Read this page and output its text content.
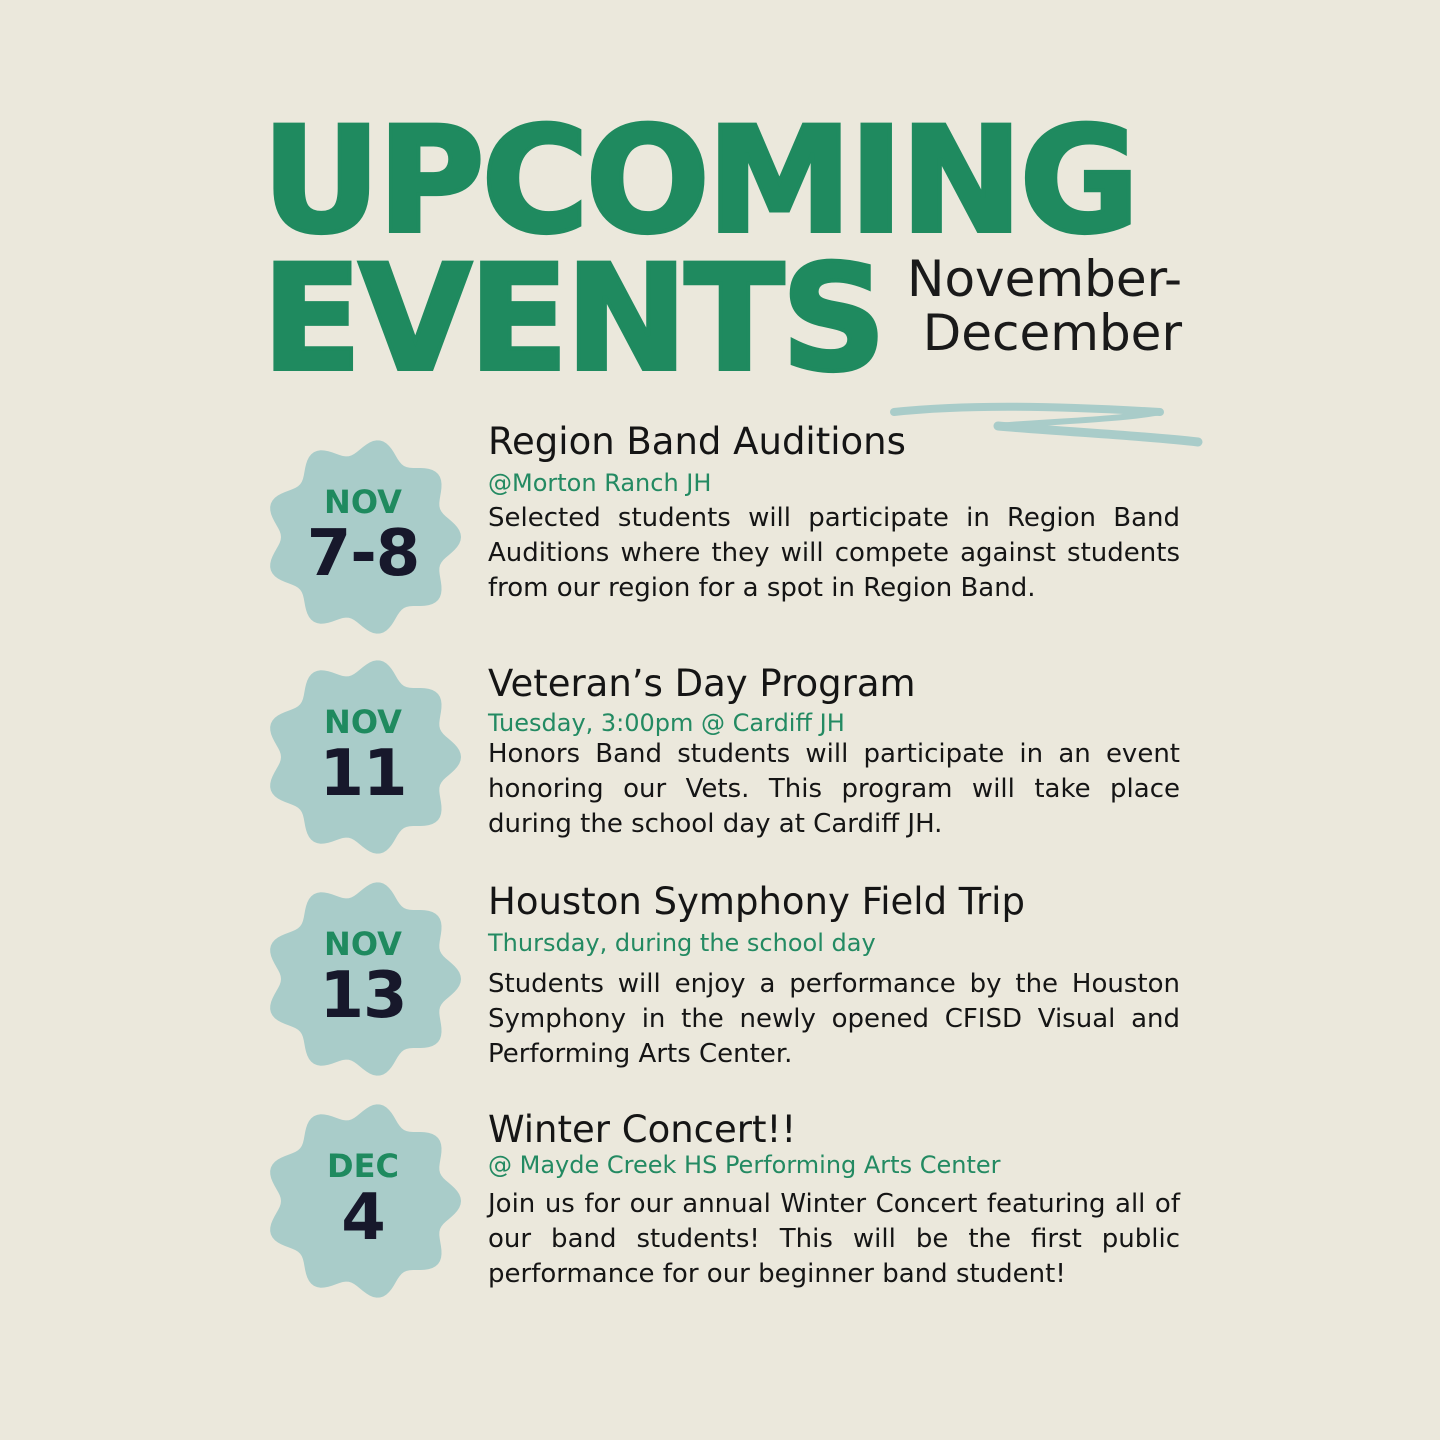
UPCOMING
EVENTS November-
December
NOV
7-8

Region Band Auditions

@Morton Ranch JH

Selected students will participate in Region Band Auditions where they will compete against students from our region for a spot in Region Band.

NOV
11

Veteran’s Day Program

Tuesday, 3:00pm @ Cardiff JH

Honors Band students will participate in an event honoring our Vets. This program will take place during the school day at Cardiff JH.

NOV
13

Houston Symphony Field Trip

Thursday, during the school day

Students will enjoy a performance by the Houston Symphony in the newly opened CFISD Visual and Performing Arts Center.

DEC
4

Winter Concert!!

@ Mayde Creek HS Performing Arts Center

Join us for our annual Winter Concert featuring all of our band students! This will be the first public performance for our beginner band student!
